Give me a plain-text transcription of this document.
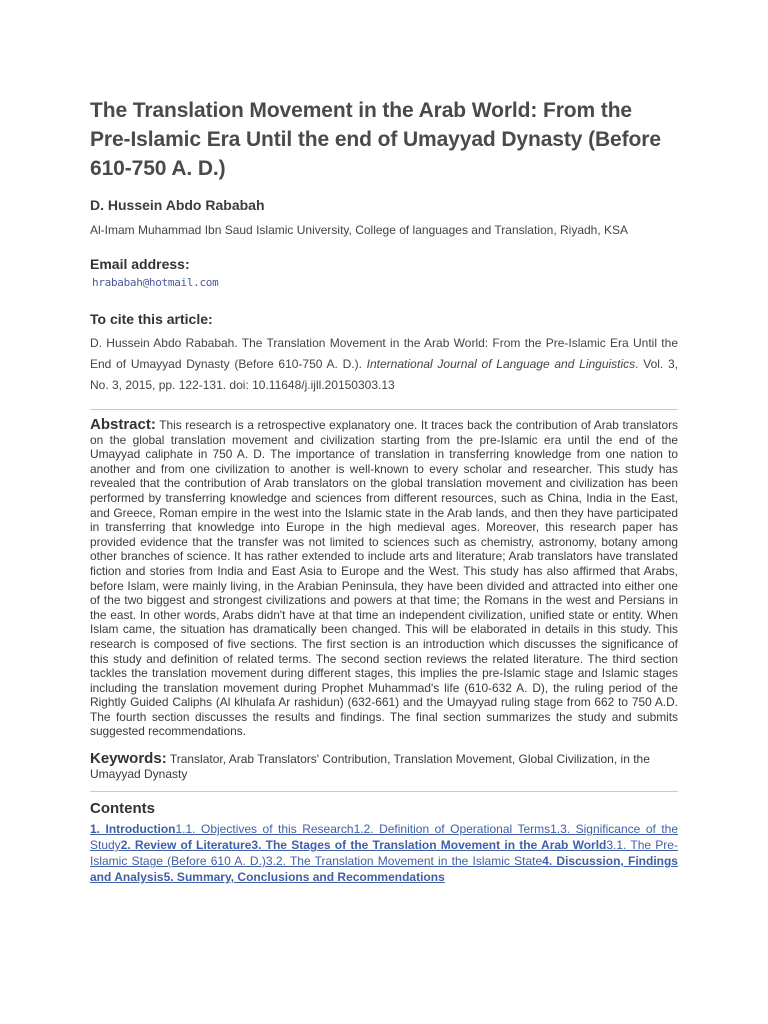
The Translation Movement in the Arab World: From the Pre-Islamic Era Until the end of Umayyad Dynasty (Before 610-750 A. D.)
D. Hussein Abdo Rababah
Al-Imam Muhammad Ibn Saud Islamic University, College of languages and Translation, Riyadh, KSA
Email address:
hrababah@hotmail.com
To cite this article:
D. Hussein Abdo Rababah. The Translation Movement in the Arab World: From the Pre-Islamic Era Until the End of Umayyad Dynasty (Before 610-750 A. D.). International Journal of Language and Linguistics. Vol. 3, No. 3, 2015, pp. 122-131. doi: 10.11648/j.ijll.20150303.13
Abstract: This research is a retrospective explanatory one. It traces back the contribution of Arab translators on the global translation movement and civilization starting from the pre-Islamic era until the end of the Umayyad caliphate in 750 A. D. The importance of translation in transferring knowledge from one nation to another and from one civilization to another is well-known to every scholar and researcher. This study has revealed that the contribution of Arab translators on the global translation movement and civilization has been performed by transferring knowledge and sciences from different resources, such as China, India in the East, and Greece, Roman empire in the west into the Islamic state in the Arab lands, and then they have participated in transferring that knowledge into Europe in the high medieval ages. Moreover, this research paper has provided evidence that the transfer was not limited to sciences such as chemistry, astronomy, botany among other branches of science. It has rather extended to include arts and literature; Arab translators have translated fiction and stories from India and East Asia to Europe and the West. This study has also affirmed that Arabs, before Islam, were mainly living, in the Arabian Peninsula, they have been divided and attracted into either one of the two biggest and strongest civilizations and powers at that time; the Romans in the west and Persians in the east. In other words, Arabs didn't have at that time an independent civilization, unified state or entity. When Islam came, the situation has dramatically been changed. This will be elaborated in details in this study. This research is composed of five sections. The first section is an introduction which discusses the significance of this study and definition of related terms. The second section reviews the related literature. The third section tackles the translation movement during different stages, this implies the pre-Islamic stage and Islamic stages including the translation movement during Prophet Muhammad's life (610-632 A. D), the ruling period of the Rightly Guided Caliphs (Al klhulafa Ar rashidun) (632-661) and the Umayyad ruling stage from 662 to 750 A.D. The fourth section discusses the results and findings. The final section summarizes the study and submits suggested recommendations.
Keywords: Translator, Arab Translators' Contribution, Translation Movement, Global Civilization, in the Umayyad Dynasty
Contents
1. Introduction1.1. Objectives of this Research1.2. Definition of Operational Terms1.3. Significance of the Study2. Review of Literature3. The Stages of the Translation Movement in the Arab World3.1. The Pre-Islamic Stage (Before 610 A. D.)3.2. The Translation Movement in the Islamic State4. Discussion, Findings and Analysis5. Summary, Conclusions and Recommendations
